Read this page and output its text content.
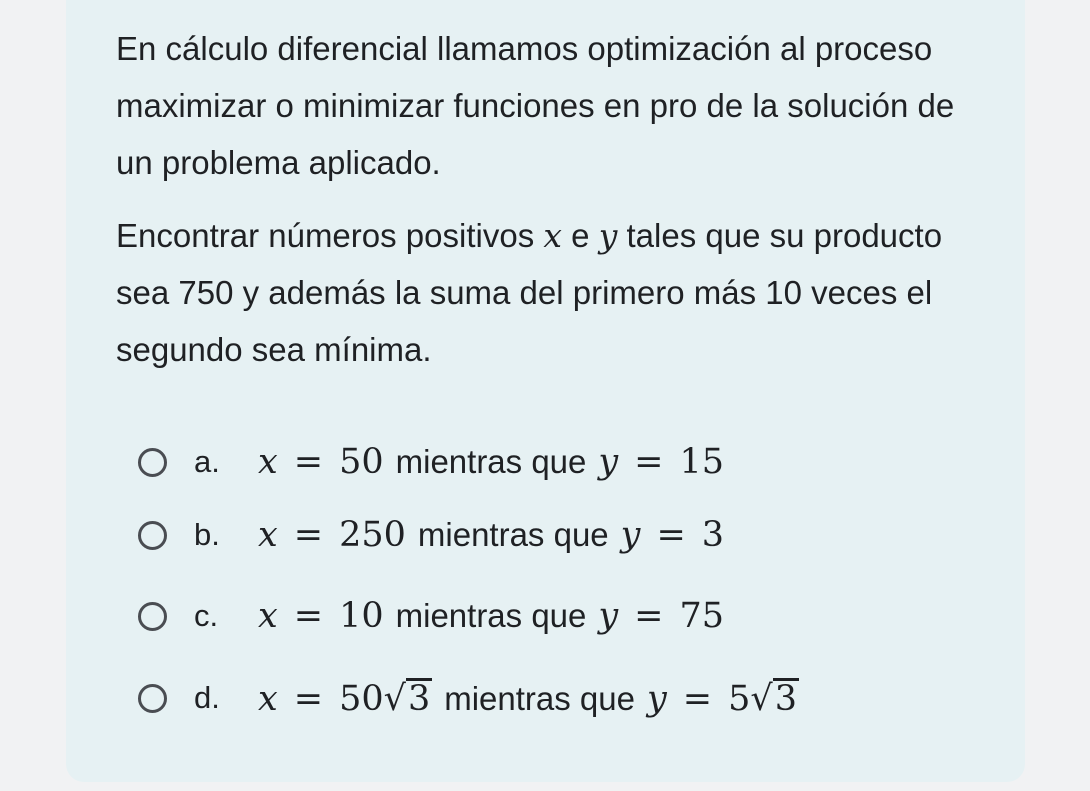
En cálculo diferencial llamamos optimización al proceso maximizar o minimizar funciones en pro de la solución de un problema aplicado.

Encontrar números positivos x e y tales que su producto sea 750 y además la suma del primero más 10 veces el segundo sea mínima.

a.	x = 50 mientras que y = 15
b.	x = 250 mientras que y = 3
c.	x = 10 mientras que y = 75
d.	x = 50√3 mientras que y = 5√3
